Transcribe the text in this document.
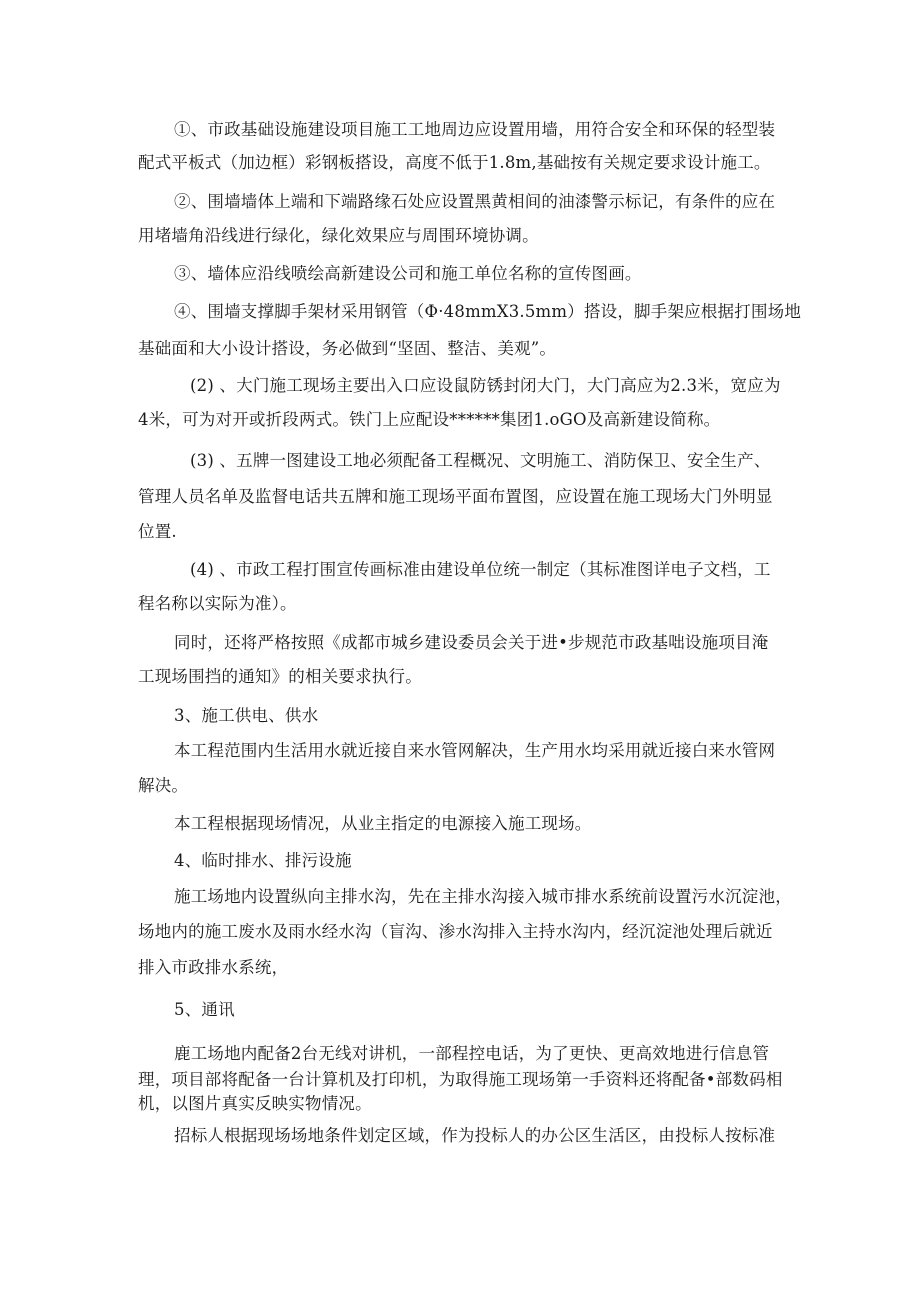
①、市政基础设施建设项目施工工地周边应设置用墙，用符合安全和环保的轻型装
配式平板式（加边框）彩钢板搭设，高度不低于1.8m,基础按有关规定要求设计施工。
②、围墙墙体上端和下端路缘石处应设置黑黄相间的油漆警示标记，有条件的应在
用堵墙角沿线进行绿化，绿化效果应与周围环境协调。
③、墙体应沿线喷绘高新建设公司和施工单位名称的宣传图画。
④、围墙支撑脚手架材采用钢管（Φ·48mmX3.5mm）搭设，脚手架应根据打围场地
基础面和大小设计搭设，务必做到“坚固、整洁、美观”。
(2) 、大门施工现场主要出入口应设鼠防锈封闭大门，大门高应为2.3米，宽应为
4米，可为对开或折段两式。铁门上应配设******集团1.oGO及高新建设简称。
(3) 、五牌一图建设工地必须配备工程概况、文明施工、消防保卫、安全生产、
管理人员名单及监督电话共五牌和施工现场平面布置图，应设置在施工现场大门外明显
位置.
(4) 、市政工程打围宣传画标准由建设单位统一制定（其标准图详电子文档，工
程名称以实际为准）。
同时，还将严格按照《成都市城乡建设委员会关于进•步规范市政基咄设施项目淹
工现场围挡的通知》的相关要求执行。
3、施工供电、供水
本工程范围内生活用水就近接自来水管网解决，生产用水均采用就近接白来水管网
解决。
本工程根据现场情况，从业主指定的电源接入施工现场。
4、临时排水、排污设施
施工场地内设置纵向主排水沟，先在主排水沟接入城市排水系统前设置污水沉淀池，
场地内的施工废水及雨水经水沟（盲沟、渗水沟排入主持水沟内，经沉淀池处理后就近
排入市政排水系统，
5、通讯
鹿工场地内配备2台无线对讲机，一部程控电话，为了更快、更高效地进行信息管
理，项目部将配备一台计算机及打印机，为取得施工现场第一手资料还将配备•部数码相
机，以图片真实反映实物情况。
招标人根据现场场地条件划定区域，作为投标人的办公区生活区，由投标人按标准
